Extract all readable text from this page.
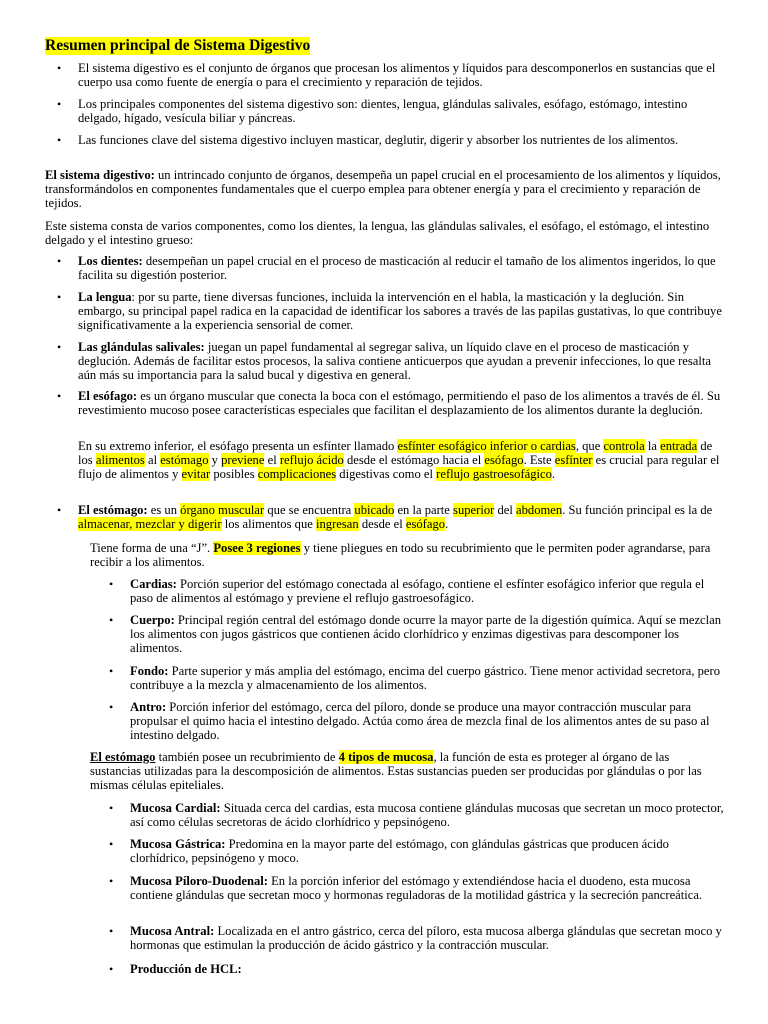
Resumen principal de Sistema Digestivo
• El sistema digestivo es el conjunto de órganos que procesan los alimentos y líquidos para descomponerlos en sustancias que el cuerpo usa como fuente de energía o para el crecimiento y reparación de tejidos.
• Los principales componentes del sistema digestivo son: dientes, lengua, glándulas salivales, esófago, estómago, intestino delgado, hígado, vesícula biliar y páncreas.
• Las funciones clave del sistema digestivo incluyen masticar, deglutir, digerir y absorber los nutrientes de los alimentos.
El sistema digestivo: un intrincado conjunto de órganos, desempeña un papel crucial en el procesamiento de los alimentos y líquidos, transformándolos en componentes fundamentales que el cuerpo emplea para obtener energía y para el crecimiento y reparación de tejidos.
Este sistema consta de varios componentes, como los dientes, la lengua, las glándulas salivales, el esófago, el estómago, el intestino delgado y el intestino grueso:
• Los dientes: desempeñan un papel crucial en el proceso de masticación al reducir el tamaño de los alimentos ingeridos, lo que facilita su digestión posterior.
• La lengua: por su parte, tiene diversas funciones, incluida la intervención en el habla, la masticación y la deglución. Sin embargo, su principal papel radica en la capacidad de identificar los sabores a través de las papilas gustativas, lo que contribuye significativamente a la experiencia sensorial de comer.
• Las glándulas salivales: juegan un papel fundamental al segregar saliva, un líquido clave en el proceso de masticación y deglución. Además de facilitar estos procesos, la saliva contiene anticuerpos que ayudan a prevenir infecciones, lo que resalta aún más su importancia para la salud bucal y digestiva en general.
• El esófago: es un órgano muscular que conecta la boca con el estómago, permitiendo el paso de los alimentos a través de él. Su revestimiento mucoso posee características especiales que facilitan el desplazamiento de los alimentos durante la deglución.
En su extremo inferior, el esófago presenta un esfínter llamado esfínter esofágico inferior o cardias, que controla la entrada de los alimentos al estómago y previene el reflujo ácido desde el estómago hacia el esófago. Este esfínter es crucial para regular el flujo de alimentos y evitar posibles complicaciones digestivas como el reflujo gastroesofágico.
• El estómago: es un órgano muscular que se encuentra ubicado en la parte superior del abdomen. Su función principal es la de almacenar, mezclar y digerir los alimentos que ingresan desde el esófago.
Tiene forma de una “J”. Posee 3 regiones y tiene pliegues en todo su recubrimiento que le permiten poder agrandarse, para recibir a los alimentos.
• Cardias: Porción superior del estómago conectada al esófago, contiene el esfínter esofágico inferior que regula el paso de alimentos al estómago y previene el reflujo gastroesofágico.
• Cuerpo: Principal región central del estómago donde ocurre la mayor parte de la digestión química. Aquí se mezclan los alimentos con jugos gástricos que contienen ácido clorhídrico y enzimas digestivas para descomponer los alimentos.
• Fondo: Parte superior y más amplia del estómago, encima del cuerpo gástrico. Tiene menor actividad secretora, pero contribuye a la mezcla y almacenamiento de los alimentos.
• Antro: Porción inferior del estómago, cerca del píloro, donde se produce una mayor contracción muscular para propulsar el quimo hacia el intestino delgado. Actúa como área de mezcla final de los alimentos antes de su paso al intestino delgado.
El estómago también posee un recubrimiento de 4 tipos de mucosa, la función de esta es proteger al órgano de las sustancias utilizadas para la descomposición de alimentos. Estas sustancias pueden ser producidas por glándulas o por las mismas células epiteliales.
• Mucosa Cardial: Situada cerca del cardias, esta mucosa contiene glándulas mucosas que secretan un moco protector, así como células secretoras de ácido clorhídrico y pepsinógeno.
• Mucosa Gástrica: Predomina en la mayor parte del estómago, con glándulas gástricas que producen ácido clorhídrico, pepsinógeno y moco.
• Mucosa Píloro-Duodenal: En la porción inferior del estómago y extendiéndose hacia el duodeno, esta mucosa contiene glándulas que secretan moco y hormonas reguladoras de la motilidad gástrica y la secreción pancreática.
• Mucosa Antral: Localizada en el antro gástrico, cerca del píloro, esta mucosa alberga glándulas que secretan moco y hormonas que estimulan la producción de ácido gástrico y la contracción muscular.
• Producción de HCL:
